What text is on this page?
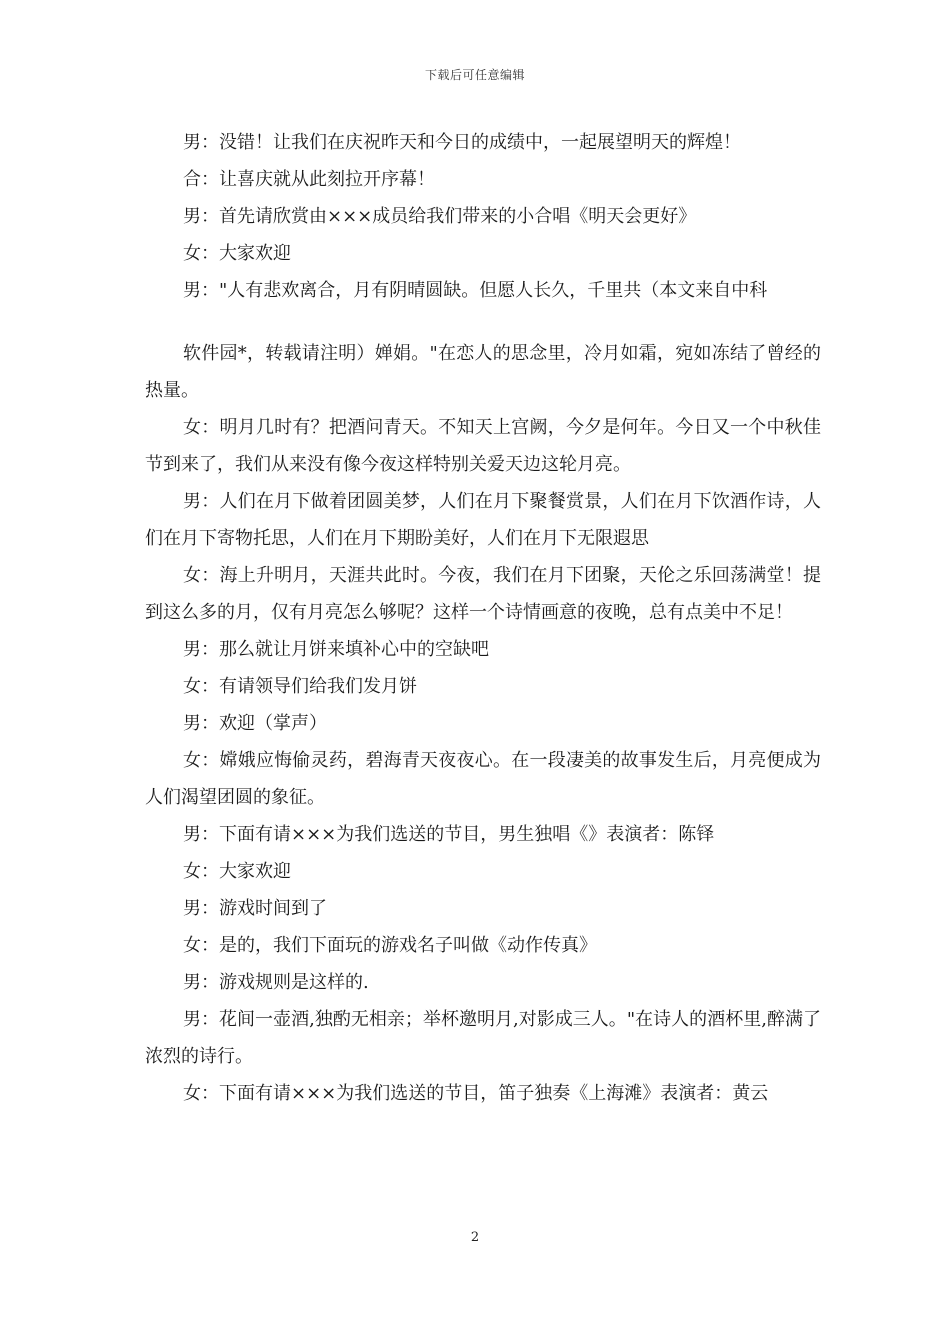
下载后可任意编辑

男：没错！让我们在庆祝昨天和今日的成绩中，一起展望明天的辉煌！

合：让喜庆就从此刻拉开序幕！

男：首先请欣赏由×××成员给我们带来的小合唱《明天会更好》

女：大家欢迎

男："人有悲欢离合，月有阴晴圆缺。但愿人长久，千里共（本文来自中科

软件园*，转载请注明）婵娟。"在恋人的思念里，冷月如霜，宛如冻结了曾经的热量。

女：明月几时有？把酒问青天。不知天上宫阙，今夕是何年。今日又一个中秋佳节到来了，我们从来没有像今夜这样特别关爱天边这轮月亮。

男：人们在月下做着团圆美梦，人们在月下聚餐赏景，人们在月下饮酒作诗，人们在月下寄物托思，人们在月下期盼美好，人们在月下无限遐思

女：海上升明月，天涯共此时。今夜，我们在月下团聚，天伦之乐回荡满堂！提到这么多的月，仅有月亮怎么够呢？这样一个诗情画意的夜晚，总有点美中不足！

男：那么就让月饼来填补心中的空缺吧

女：有请领导们给我们发月饼

男：欢迎（掌声）

女：嫦娥应悔偷灵药，碧海青天夜夜心。在一段凄美的故事发生后，月亮便成为人们渴望团圆的象征。

男：下面有请×××为我们选送的节目，男生独唱《》表演者：陈铎

女：大家欢迎

男：游戏时间到了

女：是的，我们下面玩的游戏名子叫做《动作传真》

男：游戏规则是这样的.

男：花间一壶酒,独酌无相亲；举杯邀明月,对影成三人。"在诗人的酒杯里,醉满了浓烈的诗行。

女：下面有请×××为我们选送的节目，笛子独奏《上海滩》表演者：黄云

2
